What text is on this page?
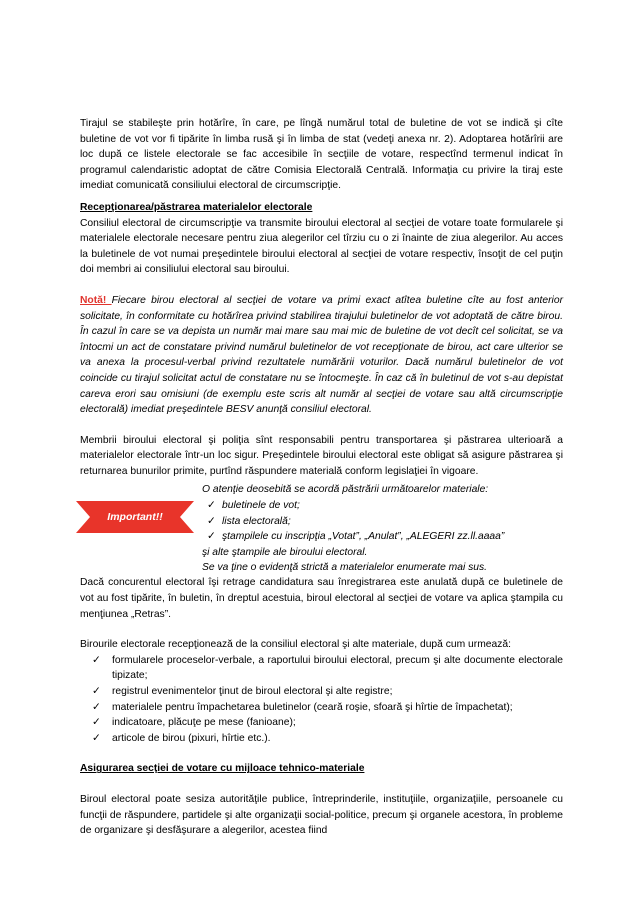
Tirajul se stabileşte prin hotărîre, în care, pe lîngă numărul total de buletine de vot se indică şi cîte buletine de vot vor fi tipărite în limba rusă şi în limba de stat (vedeţi anexa nr. 2). Adoptarea hotărîrii are loc după ce listele electorale se fac accesibile în secţiile de votare, respectînd termenul indicat în programul calendaristic adoptat de către Comisia Electorală Centrală. Informaţia cu privire la tiraj este imediat comunicată consiliului electoral de circumscripţie.

Recepţionarea/păstrarea materialelor electorale

Consiliul electoral de circumscripţie va transmite biroului electoral al secţiei de votare toate formularele şi materialele electorale necesare pentru ziua alegerilor cel tîrziu cu o zi înainte de ziua alegerilor. Au acces la buletinele de vot numai preşedintele biroului electoral al secţiei de votare respectiv, însoţit de cel puţin doi membri ai consiliului electoral sau biroului.

Notă! Fiecare birou electoral al secţiei de votare va primi exact atîtea buletine cîte au fost anterior solicitate, în conformitate cu hotărîrea privind stabilirea tirajului buletinelor de vot adoptată de către birou. În cazul în care se va depista un număr mai mare sau mai mic de buletine de vot decît cel solicitat, se va întocmi un act de constatare privind numărul buletinelor de vot recepţionate de birou, act care ulterior se va anexa la procesul-verbal privind rezultatele numărării voturilor. Dacă numărul buletinelor de vot coincide cu tirajul solicitat actul de constatare nu se întocmeşte. În caz că în buletinul de vot s-au depistat careva erori sau omisiuni (de exemplu este scris alt număr al secţiei de votare sau altă circumscripţie electorală) imediat preşedintele BESV anunţă consiliul electoral.

Membrii biroului electoral şi poliţia sînt responsabili pentru transportarea şi păstrarea ulterioară a materialelor electorale într-un loc sigur. Preşedintele biroului electoral este obligat să asigure păstrarea şi returnarea bunurilor primite, purtînd răspundere materială conform legislaţiei în vigoare.

Important!!
O atenţie deosebită se acordă păstrării următoarelor materiale:
✓ buletinele de vot;
✓ lista electorală;
✓ ştampilele cu inscripţia „Votat”, „Anulat”, „ALEGERI zz.ll.aaaa”
şi alte ştampile ale biroului electoral.
Se va ţine o evidenţă strictă a materialelor enumerate mai sus.

Dacă concurentul electoral îşi retrage candidatura sau înregistrarea este anulată după ce buletinele de vot au fost tipărite, în buletin, în dreptul acestuia, biroul electoral al secţiei de votare va aplica ştampila cu menţiunea „Retras”.

Birourile electorale recepţionează de la consiliul electoral şi alte materiale, după cum urmează:

✓ formularele proceselor-verbale, a raportului biroului electoral, precum şi alte documente electorale tipizate;
✓ registrul evenimentelor ţinut de biroul electoral şi alte registre;
✓ materialele pentru împachetarea buletinelor (ceară roşie, sfoară şi hîrtie de împachetat);
✓ indicatoare, plăcuţe pe mese (fanioane);
✓ articole de birou (pixuri, hîrtie etc.).

Asigurarea secţiei de votare cu mijloace tehnico-materiale

Biroul electoral poate sesiza autorităţile publice, întreprinderile, instituţiile, organizaţiile, persoanele cu funcţii de răspundere, partidele şi alte organizaţii social-politice, precum şi organele acestora, în probleme de organizare şi desfăşurare a alegerilor, acestea fiind
